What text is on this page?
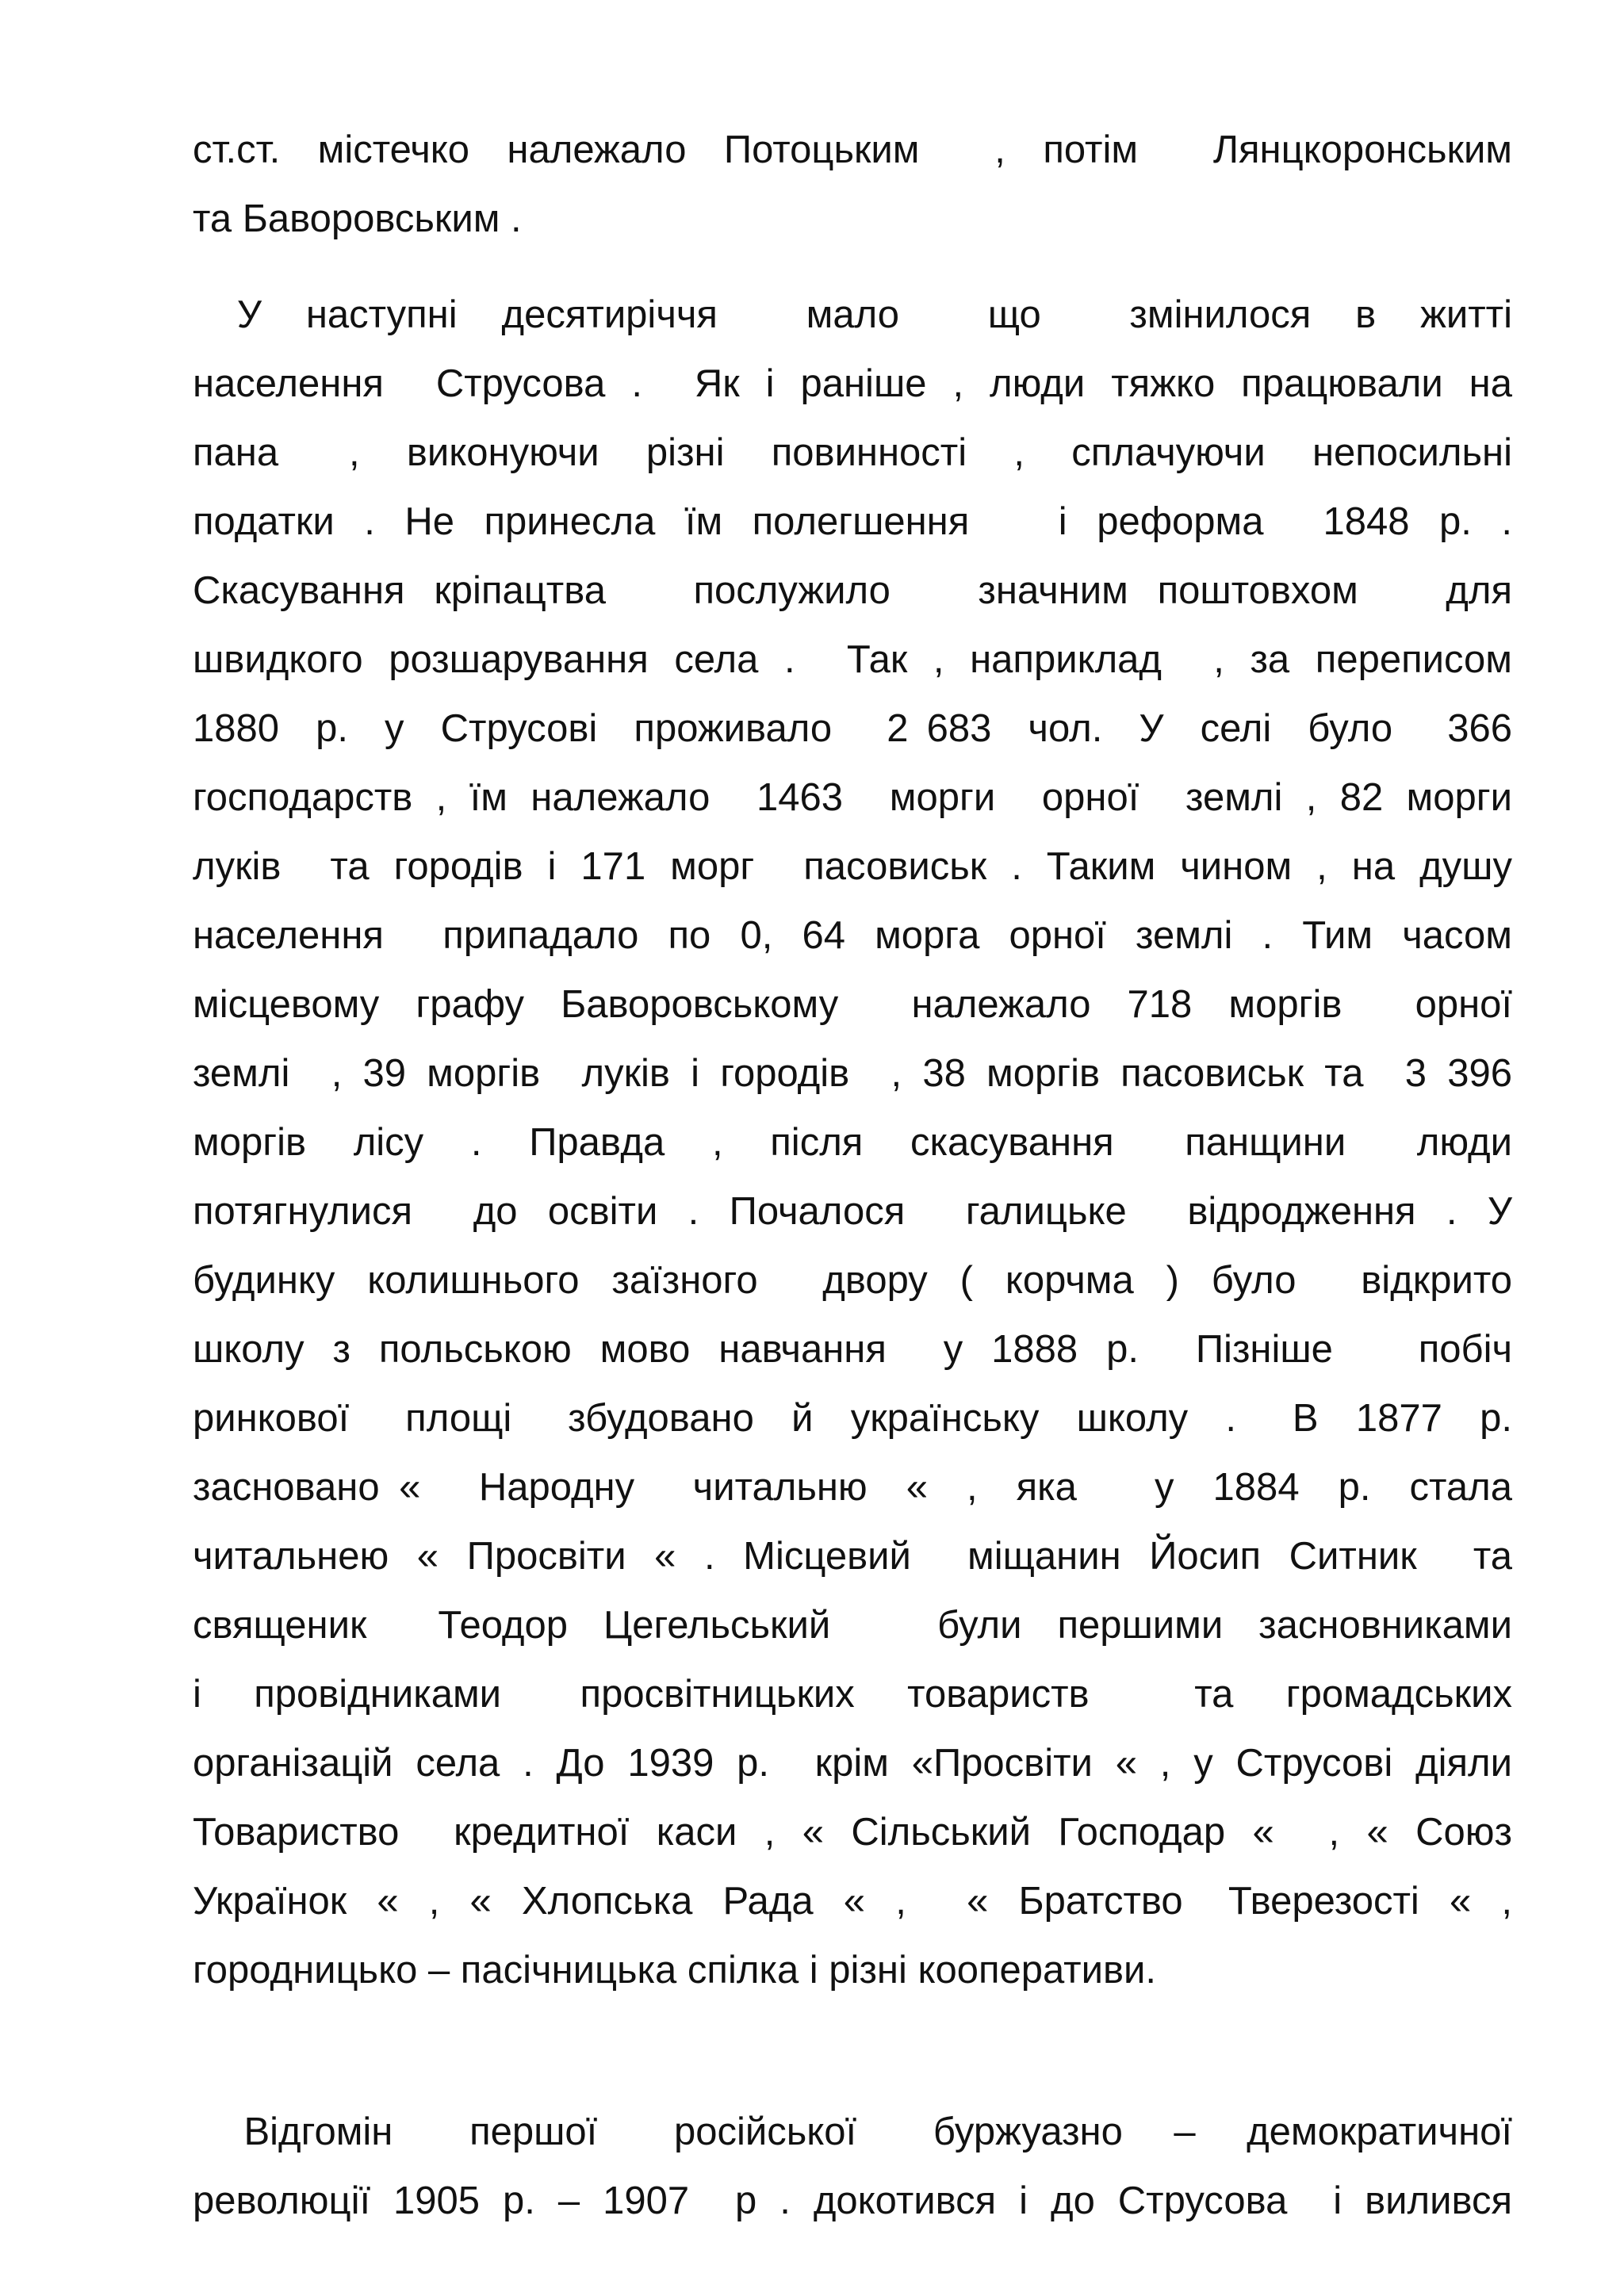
ст.ст. містечко належало Потоцьким  , потім  Лянцкоронським
та Баворовським .
У  наступні  десятиріччя    мало    що    змінилося  в  житті
населення  Струсова .  Як і раніше , люди тяжко працювали на
пана   ,  виконуючи  різні  повинності  ,  сплачуючи  непосильні
податки . Не принесла їм полегшення   і реформа  1848 р. .
Скасування кріпацтва   послужило   значним поштовхом   для
швидкого розшарування села .  Так , наприклад  , за переписом
1880  р.  у  Струсові  проживало   2 683  чол.  У  селі  було   366
господарств , їм належало  1463  морги  орної  землі , 82 морги
луків  та городів і 171 морг  пасовиськ . Таким чином , на душу
населення  припадало по 0, 64 морга орної землі . Тим часом
місцевому графу Баворовському  належало 718 моргів  орної
землі  , 39 моргів  луків і городів  , 38 моргів пасовиськ та  3 396
моргів  лісу  .  Правда  ,  після  скасування   панщини   люди
потягнулися  до освіти . Почалося  галицьке  відродження . У
будинку колишнього заїзного  двору ( корчма ) було  відкрито
школу з польською мово навчання  у 1888 р.  Пізніше   побіч
ринкової   площі   збудовано  й  українську  школу  .   В  1877  р.
засновано «   Народну   читальню  «  ,  яка    у  1884  р.  стала
читальнею « Просвіти « . Місцевий  міщанин Йосип Ситник  та
священик  Теодор Цегельський   були першими засновниками
і  провідниками   просвітницьких  товариств    та  громадських
організацій села . До 1939 р.  крім «Просвіти « , у Струсові діяли
Товариство  кредитної каси , « Сільський Господар «  , « Союз
Українок  «  ,  «  Хлопська  Рада  «  ,    «  Братство   Тверезості  «  ,
городницько – пасічницька спілка і різні кооперативи.
Відгомін   першої   російської   буржуазно  –  демократичної
революції 1905 р. – 1907  р . докотився і до Струсова  і вилився
